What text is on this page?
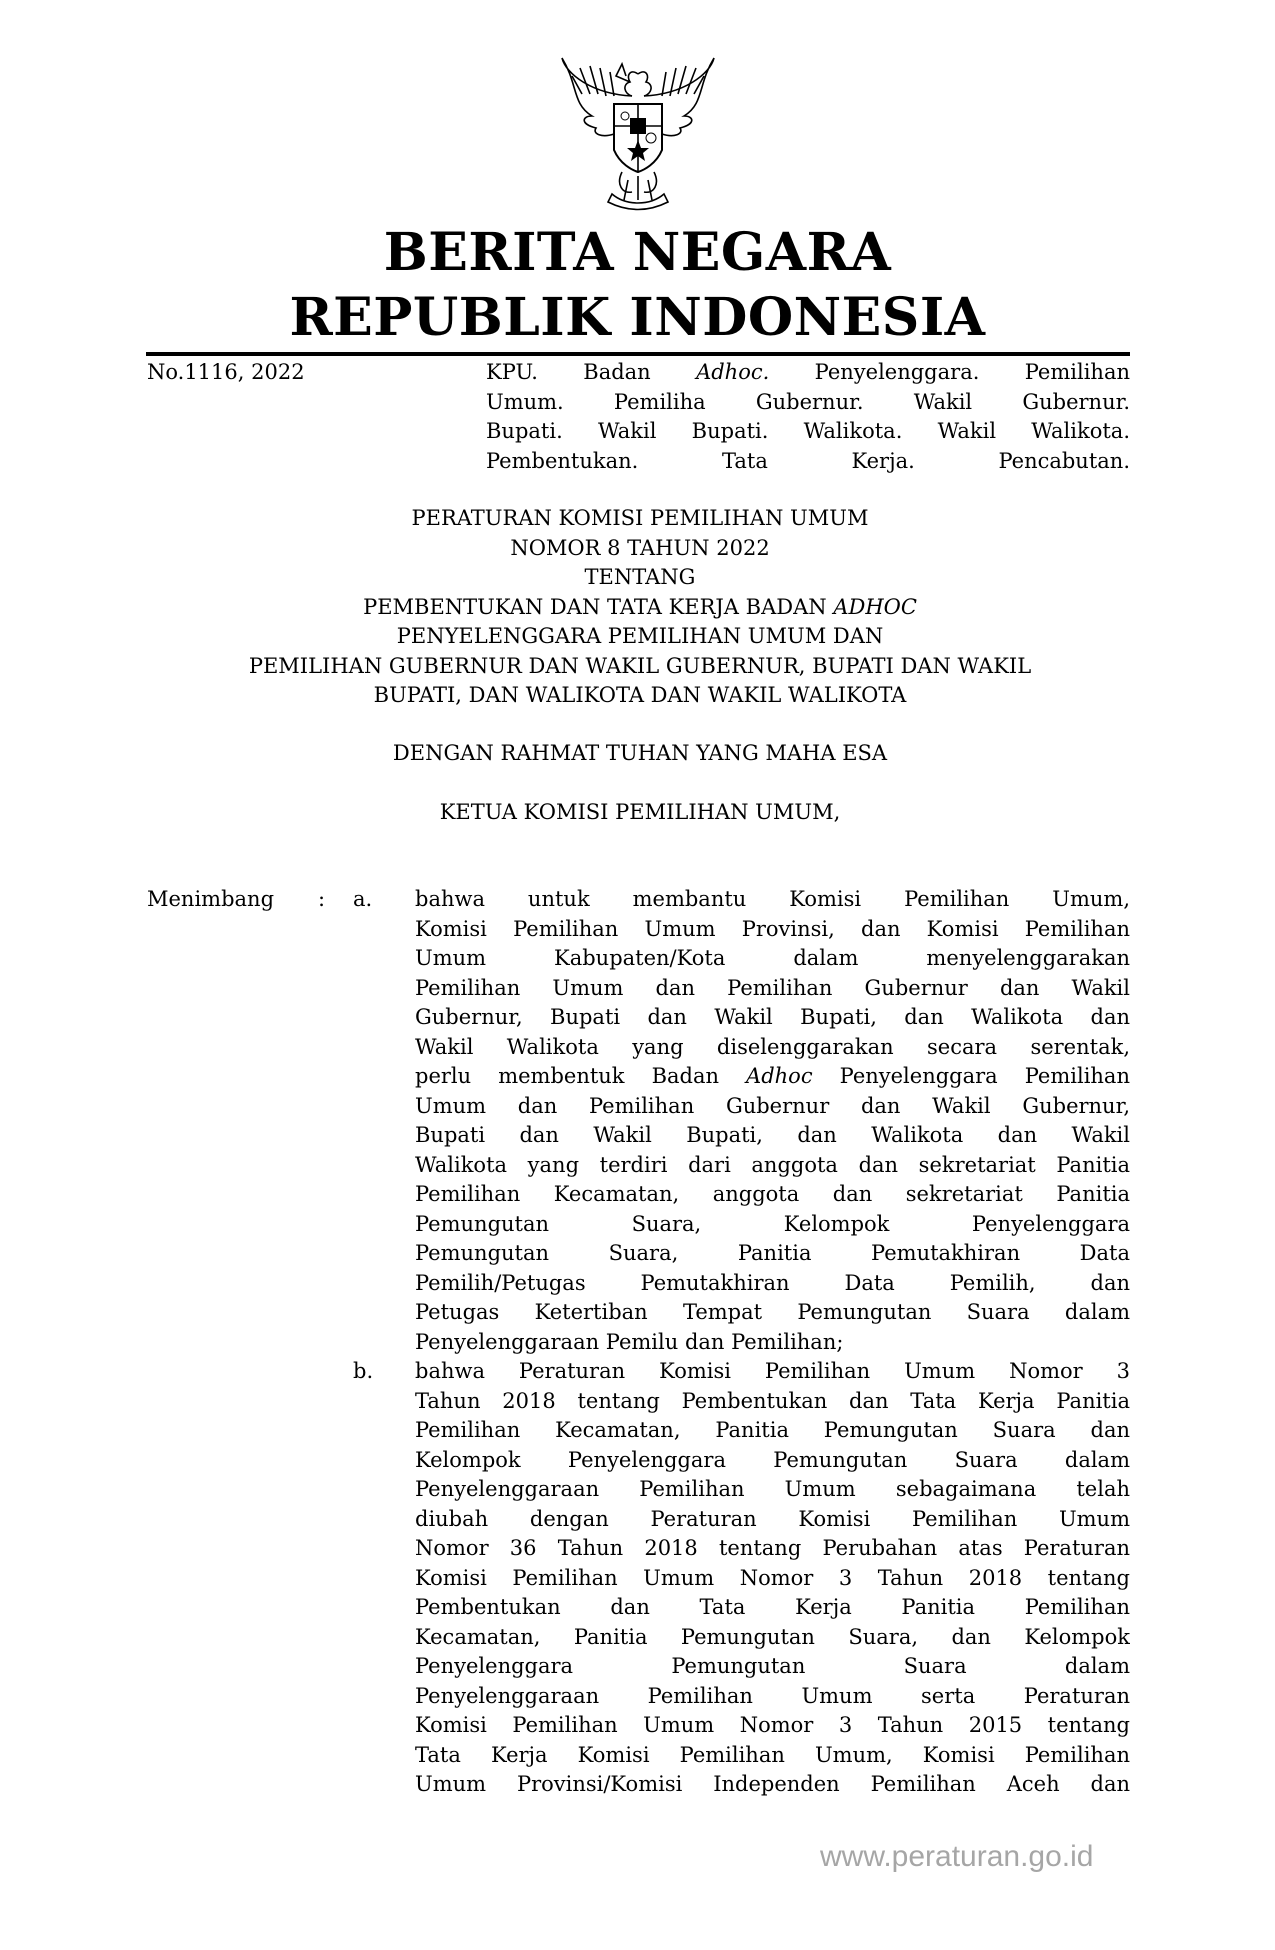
BERITA NEGARA
REPUBLIK INDONESIA
No.1116, 2022	KPU. Badan Adhoc. Penyelenggara. Pemilihan
Umum. Pemiliha Gubernur. Wakil Gubernur.
Bupati. Wakil Bupati. Walikota. Wakil Walikota.
Pembentukan. Tata Kerja. Pencabutan.
PERATURAN KOMISI PEMILIHAN UMUM
NOMOR 8 TAHUN 2022
TENTANG
PEMBENTUKAN DAN TATA KERJA BADAN ADHOC
PENYELENGGARA PEMILIHAN UMUM DAN
PEMILIHAN GUBERNUR DAN WAKIL GUBERNUR, BUPATI DAN WAKIL
BUPATI, DAN WALIKOTA DAN WAKIL WALIKOTA
DENGAN RAHMAT TUHAN YANG MAHA ESA
KETUA KOMISI PEMILIHAN UMUM,
Menimbang : a. bahwa untuk membantu Komisi Pemilihan Umum,
Komisi Pemilihan Umum Provinsi, dan Komisi Pemilihan
Umum Kabupaten/Kota dalam menyelenggarakan
Pemilihan Umum dan Pemilihan Gubernur dan Wakil
Gubernur, Bupati dan Wakil Bupati, dan Walikota dan
Wakil Walikota yang diselenggarakan secara serentak,
perlu membentuk Badan Adhoc Penyelenggara Pemilihan
Umum dan Pemilihan Gubernur dan Wakil Gubernur,
Bupati dan Wakil Bupati, dan Walikota dan Wakil
Walikota yang terdiri dari anggota dan sekretariat Panitia
Pemilihan Kecamatan, anggota dan sekretariat Panitia
Pemungutan Suara, Kelompok Penyelenggara
Pemungutan Suara, Panitia Pemutakhiran Data
Pemilih/Petugas Pemutakhiran Data Pemilih, dan
Petugas Ketertiban Tempat Pemungutan Suara dalam
Penyelenggaraan Pemilu dan Pemilihan;
b. bahwa Peraturan Komisi Pemilihan Umum Nomor 3
Tahun 2018 tentang Pembentukan dan Tata Kerja Panitia
Pemilihan Kecamatan, Panitia Pemungutan Suara dan
Kelompok Penyelenggara Pemungutan Suara dalam
Penyelenggaraan Pemilihan Umum sebagaimana telah
diubah dengan Peraturan Komisi Pemilihan Umum
Nomor 36 Tahun 2018 tentang Perubahan atas Peraturan
Komisi Pemilihan Umum Nomor 3 Tahun 2018 tentang
Pembentukan dan Tata Kerja Panitia Pemilihan
Kecamatan, Panitia Pemungutan Suara, dan Kelompok
Penyelenggara Pemungutan Suara dalam
Penyelenggaraan Pemilihan Umum serta Peraturan
Komisi Pemilihan Umum Nomor 3 Tahun 2015 tentang
Tata Kerja Komisi Pemilihan Umum, Komisi Pemilihan
Umum Provinsi/Komisi Independen Pemilihan Aceh dan
www.peraturan.go.id
